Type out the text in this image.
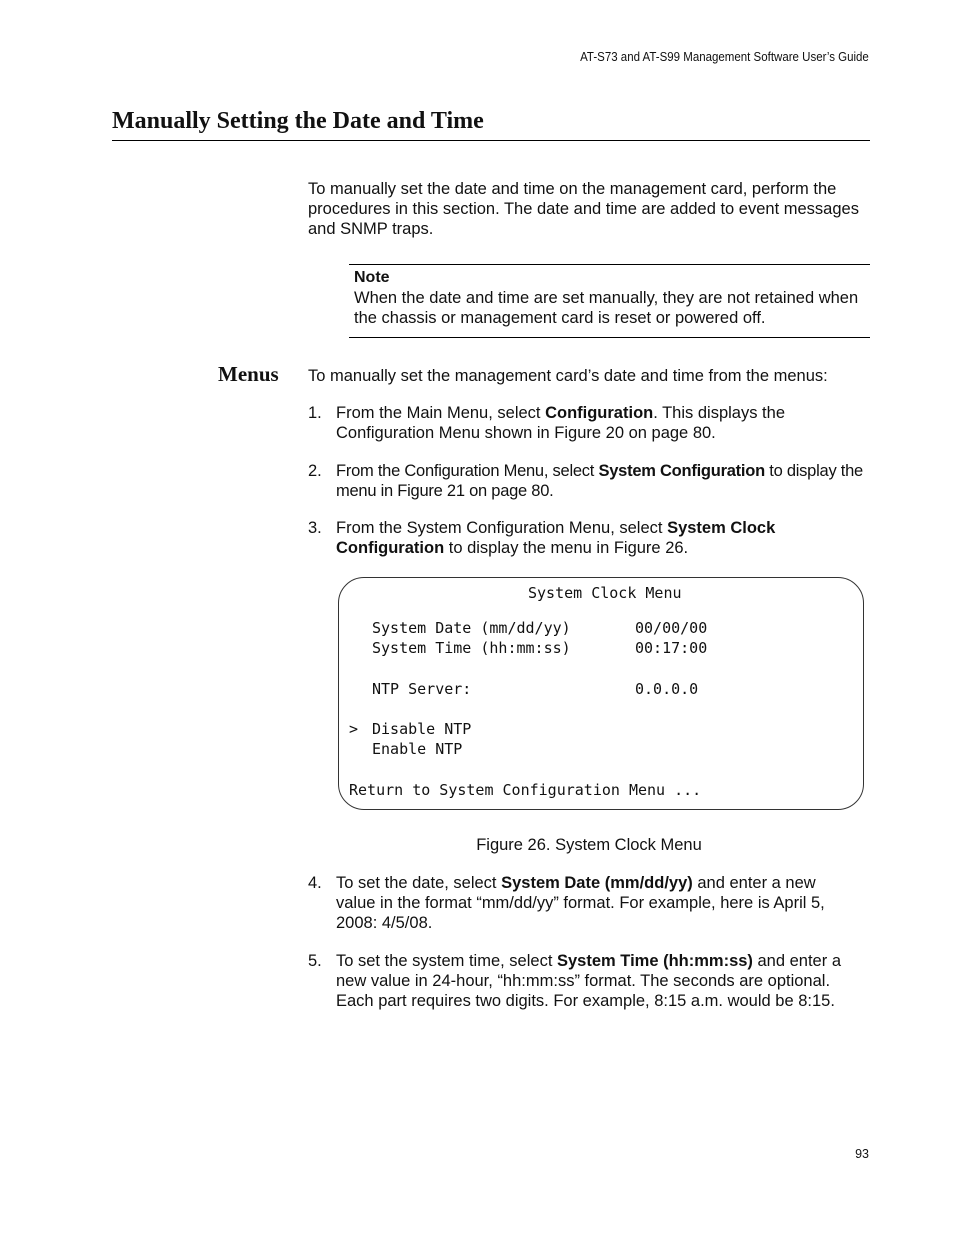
AT-S73 and AT-S99 Management Software User’s Guide
Manually Setting the Date and Time

To manually set the date and time on the management card, perform the procedures in this section. The date and time are added to event messages and SNMP traps.

Note

When the date and time are set manually, they are not retained when the chassis or management card is reset or powered off.

Menus To manually set the management card’s date and time from the menus:

1. From the Main Menu, select Configuration. This displays the Configuration Menu shown in Figure 20 on page 80.

2. From the Configuration Menu, select System Configuration to display the menu in Figure 21 on page 80.

3. From the System Configuration Menu, select System Clock Configuration to display the menu in Figure 26.

System Clock Menu
System Date (mm/dd/yy)	00/00/00
System Time (hh:mm:ss)	00:17:00
NTP Server:	0.0.0.0
> Disable NTP
Enable NTP
Return to System Configuration Menu ...

Figure 26. System Clock Menu

4. To set the date, select System Date (mm/dd/yy) and enter a new value in the format “mm/dd/yy” format. For example, here is April 5, 2008: 4/5/08.

5. To set the system time, select System Time (hh:mm:ss) and enter a new value in 24-hour, “hh:mm:ss” format. The seconds are optional. Each part requires two digits. For example, 8:15 a.m. would be 8:15.

93
